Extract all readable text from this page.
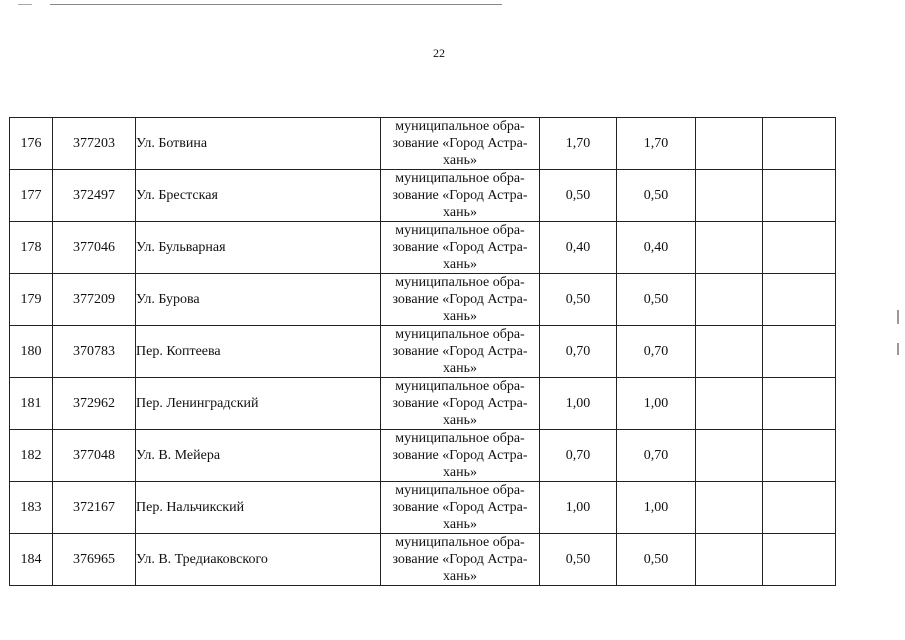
22
176	377203	Ул. Ботвина	муниципальное обра-
зование «Город Астра-
хань»	1,70	1,70		
177	372497	Ул. Брестская	муниципальное обра-
зование «Город Астра-
хань»	0,50	0,50		
178	377046	Ул. Бульварная	муниципальное обра-
зование «Город Астра-
хань»	0,40	0,40		
179	377209	Ул. Бурова	муниципальное обра-
зование «Город Астра-
хань»	0,50	0,50		
180	370783	Пер. Коптеева	муниципальное обра-
зование «Город Астра-
хань»	0,70	0,70		
181	372962	Пер. Ленинградский	муниципальное обра-
зование «Город Астра-
хань»	1,00	1,00		
182	377048	Ул. В. Мейера	муниципальное обра-
зование «Город Астра-
хань»	0,70	0,70		
183	372167	Пер. Нальчикский	муниципальное обра-
зование «Город Астра-
хань»	1,00	1,00		
184	376965	Ул. В. Тредиаковского	муниципальное обра-
зование «Город Астра-
хань»	0,50	0,50		
